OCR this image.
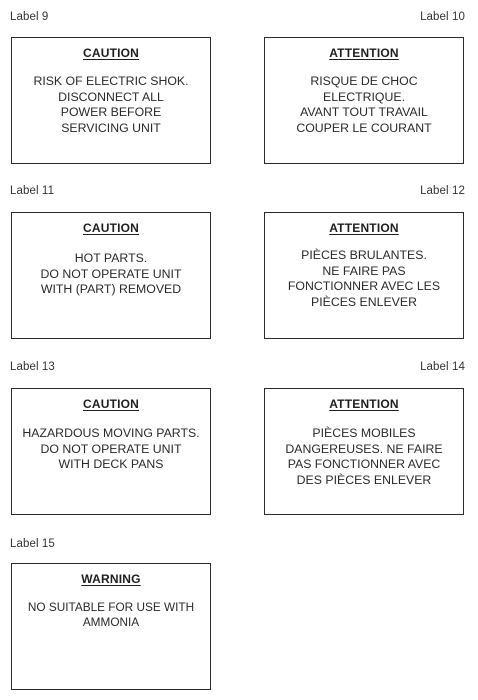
Label 9
CAUTION
RISK OF ELECTRIC SHOK.
DISCONNECT ALL
POWER BEFORE
SERVICING UNIT
Label 10
ATTENTION
RISQUE DE CHOC
ELECTRIQUE.
AVANT TOUT TRAVAIL
COUPER LE COURANT
Label 11
CAUTION
HOT PARTS.
DO NOT OPERATE UNIT
WITH (PART) REMOVED
Label 12
ATTENTION
PIÈCES BRULANTES.
NE FAIRE PAS
FONCTIONNER AVEC LES
PIÈCES ENLEVER
Label 13
CAUTION
HAZARDOUS MOVING PARTS.
DO NOT OPERATE UNIT
WITH DECK PANS
Label 14
ATTENTION
PIÈCES MOBILES
DANGEREUSES. NE FAIRE
PAS FONCTIONNER AVEC
DES PIÈCES ENLEVER
Label 15
WARNING
NO SUITABLE FOR USE WITH
AMMONIA
